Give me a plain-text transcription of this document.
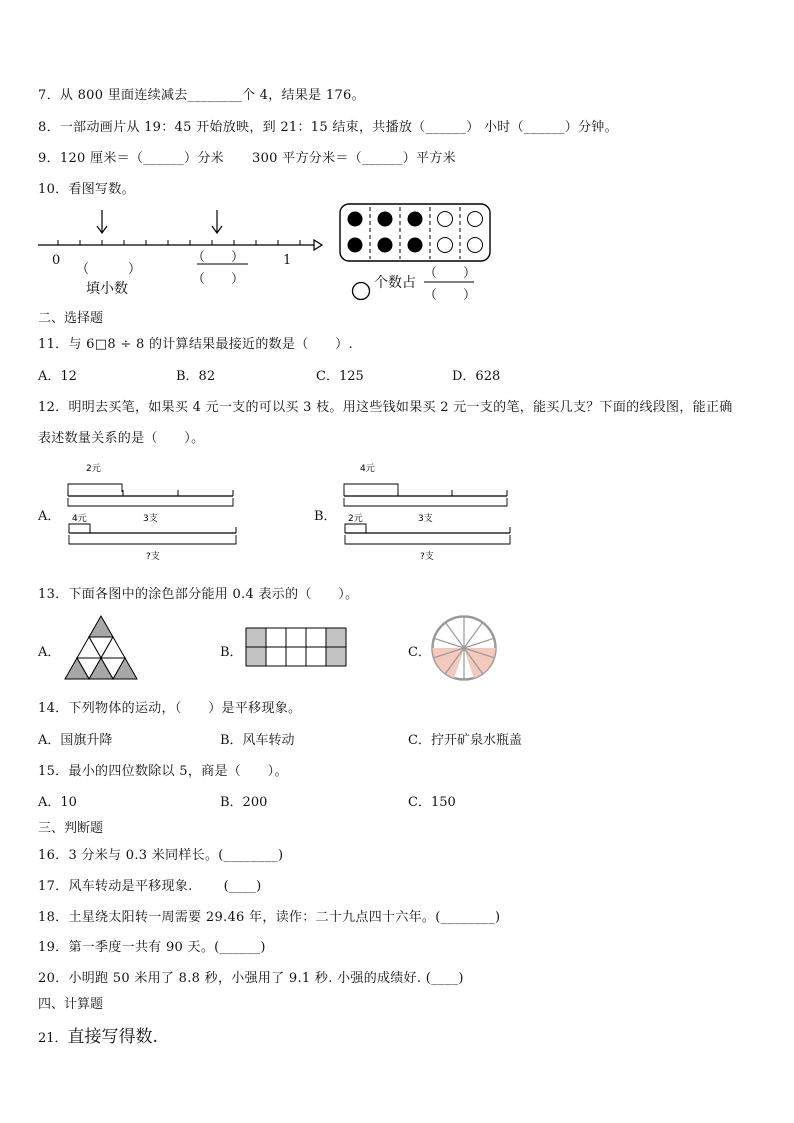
7．从 800 里面连续减去________个 4，结果是 176。
8．一部动画片从 19：45 开始放映，到 21：15 结束，共播放（______） 小时（______）分钟。
9．120 厘米＝（______）分米 300 平方分米＝（______）平方米
10．看图写数。
0	1
（　　　）
填小数
（　　）
（　　）	个数占
（　　）
（　　）
二、选择题
11．与 6□8 ÷ 8 的计算结果最接近的数是（　　）.
A．12	B．82	C．125	D．628
12．明明去买笔，如果买 4 元一支的可以买 3 枝。用这些钱如果买 2 元一支的笔，能买几支？下面的线段图，能正确
表述数量关系的是（　　）。
A．
2元
3支
4元
?支
B．
4元
3支
2元
?支
13．下面各图中的涂色部分能用 0.4 表示的（　　）。
A．	B．	C．
14．下列物体的运动，（　　）是平移现象。
A．国旗升降	B．风车转动	C．拧开矿泉水瓶盖
15．最小的四位数除以 5，商是（　　）。
A．10	B．200	C．150
三、判断题
16．3 分米与 0.3 米同样长。(________)
17．风车转动是平移现象.　　 (____)
18．土星绕太阳转一周需要 29.46 年，读作：二十九点四十六年。(________)
19．第一季度一共有 90 天。(______)
20．小明跑 50 米用了 8.8 秒，小强用了 9.1 秒. 小强的成绩好. (____)
四、计算题
21．直接写得数.
